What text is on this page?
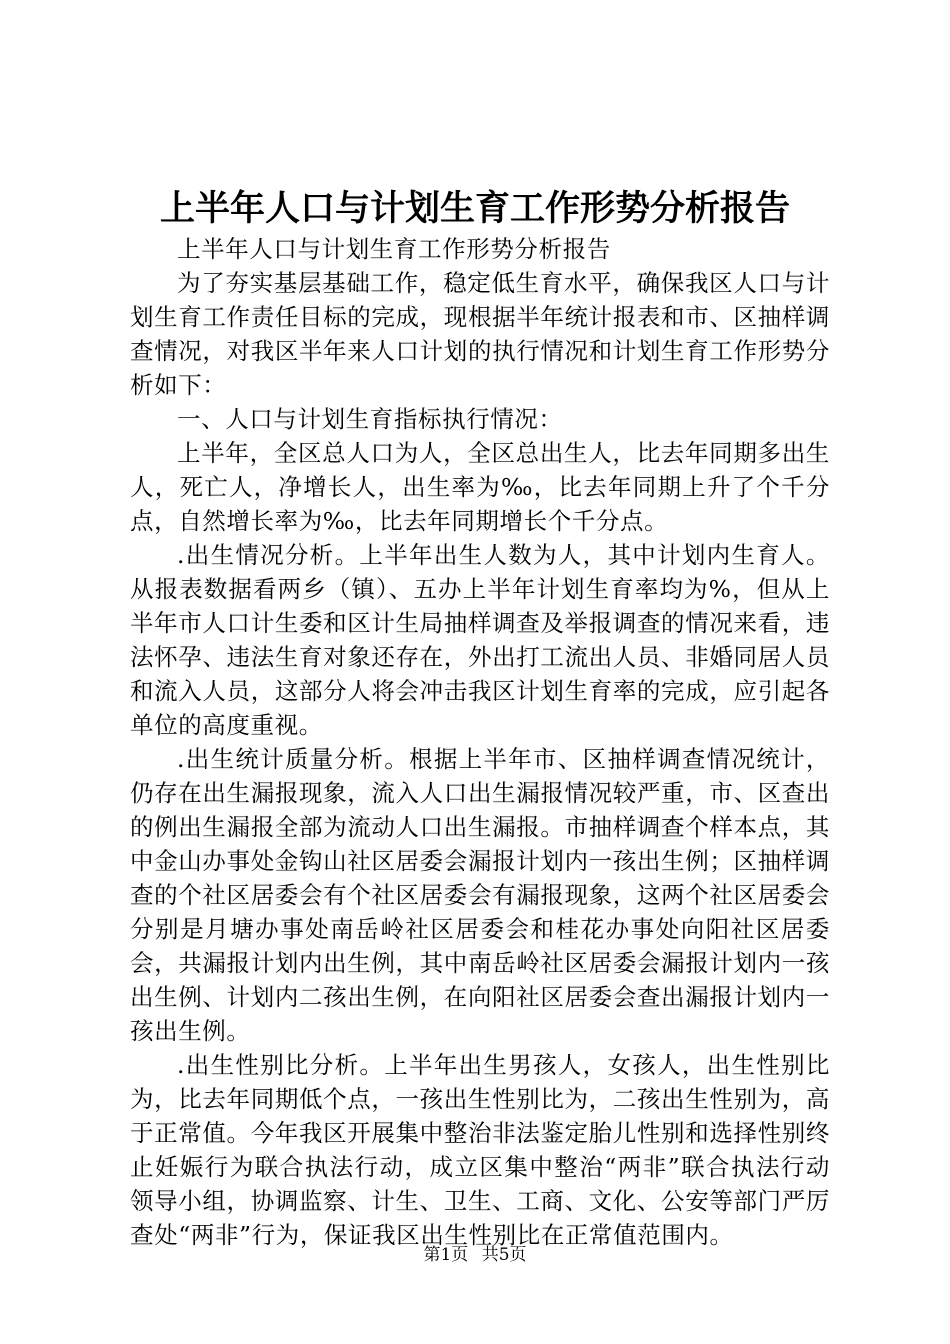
上半年人口与计划生育工作形势分析报告

上半年人口与计划生育工作形势分析报告

为了夯实基层基础工作，稳定低生育水平，确保我区人口与计划生育工作责任目标的完成，现根据半年统计报表和市、区抽样调查情况，对我区半年来人口计划的执行情况和计划生育工作形势分析如下：

一、人口与计划生育指标执行情况：

上半年，全区总人口为人，全区总出生人，比去年同期多出生人，死亡人，净增长人，出生率为‰，比去年同期上升了个千分点，自然增长率为‰，比去年同期增长个千分点。

.出生情况分析。上半年出生人数为人，其中计划内生育人。从报表数据看两乡（镇）、五办上半年计划生育率均为%，但从上半年市人口计生委和区计生局抽样调查及举报调查的情况来看，违法怀孕、违法生育对象还存在，外出打工流出人员、非婚同居人员和流入人员，这部分人将会冲击我区计划生育率的完成，应引起各单位的高度重视。

.出生统计质量分析。根据上半年市、区抽样调查情况统计，仍存在出生漏报现象，流入人口出生漏报情况较严重，市、区查出的例出生漏报全部为流动人口出生漏报。市抽样调查个样本点，其中金山办事处金钩山社区居委会漏报计划内一孩出生例；区抽样调查的个社区居委会有个社区居委会有漏报现象，这两个社区居委会分别是月塘办事处南岳岭社区居委会和桂花办事处向阳社区居委会，共漏报计划内出生例，其中南岳岭社区居委会漏报计划内一孩出生例、计划内二孩出生例，在向阳社区居委会查出漏报计划内一孩出生例。

.出生性别比分析。上半年出生男孩人，女孩人，出生性别比为，比去年同期低个点，一孩出生性别比为，二孩出生性别为，高于正常值。今年我区开展集中整治非法鉴定胎儿性别和选择性别终止妊娠行为联合执法行动，成立区集中整治“两非”联合执法行动领导小组，协调监察、计生、卫生、工商、文化、公安等部门严厉查处“两非”行为，保证我区出生性别比在正常值范围内。

第1页 共5页
